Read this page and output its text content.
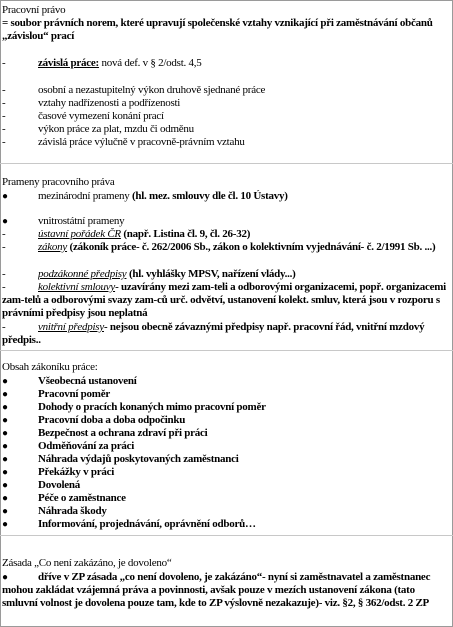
Pracovní právo
= soubor právních norem, které upravují společenské vztahy vznikající při zaměstnávání občanů „závislou“ prací
-	závislá práce: nová def. v § 2/odst. 4,5
-	osobní a nezastupitelný výkon druhově sjednané práce
-	vztahy nadřízenosti a podřízenosti
-	časové vymezení konání prací
-	výkon práce za plat, mzdu či odměnu
-	závislá práce výlučně v pracovně-právním vztahu
Prameny pracovního práva
●	mezinárodní prameny (hl. mez. smlouvy dle čl. 10 Ústavy)
●	vnitrostátní prameny
-	ústavní pořádek ČR (např. Listina čl. 9, čl. 26-32)
-	zákony (zákoník práce- č. 262/2006 Sb., zákon o kolektivním vyjednávání- č. 2/1991 Sb. ...)
-	podzákonné předpisy (hl. vyhlášky MPSV, nařízení vlády...)
-	kolektivní smlouvy- uzavírány mezi zam-teli a odborovými organizacemi, popř. organizacemi zam-telů a odborovými svazy zam-ců urč. odvětví, ustanovení kolekt. smluv, která jsou v rozporu s právními předpisy jsou neplatná
-	vnitřní předpisy- nejsou obecně závaznými předpisy např. pracovní řád, vnitřní mzdový předpis..
Obsah zákoníku práce:
●	Všeobecná ustanovení
●	Pracovní poměr
●	Dohody o pracích konaných mimo pracovní poměr
●	Pracovní doba a doba odpočinku
●	Bezpečnost a ochrana zdraví při práci
●	Odměňování za práci
●	Náhrada výdajů poskytovaných zaměstnanci
●	Překážky v práci
●	Dovolená
●	Péče o zaměstnance
●	Náhrada škody
●	Informování, projednávání, oprávnění odborů…
Zásada „Co není zakázáno, je dovoleno“
●	dříve v ZP zásada „co není dovoleno, je zakázáno“- nyní si zaměstnavatel a zaměstnanec mohou zakládat vzájemná práva a povinnosti, avšak pouze v mezích ustanovení zákona (tato smluvní volnost je dovolena pouze tam, kde to ZP výslovně nezakazuje)- viz. §2, § 362/odst. 2 ZP
